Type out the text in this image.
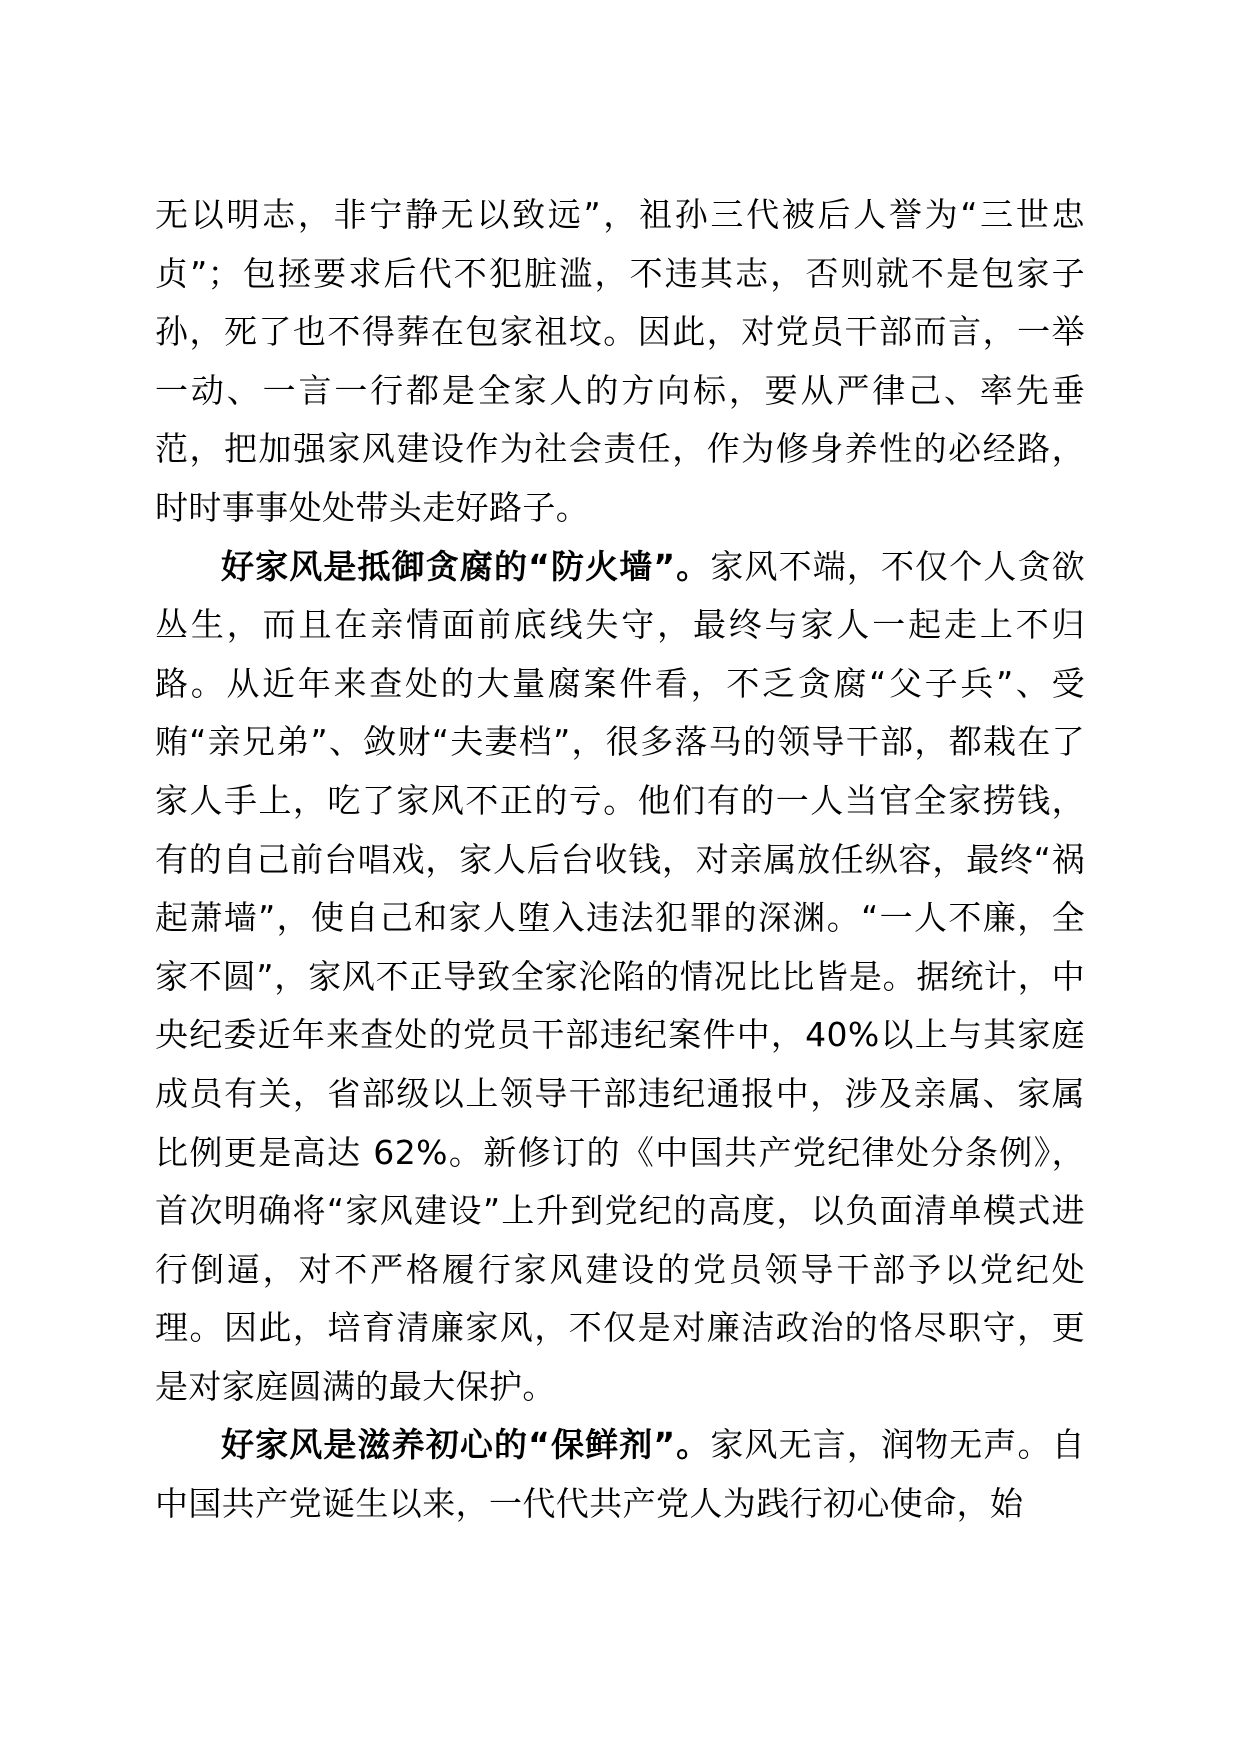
无以明志，非宁静无以致远”，祖孙三代被后人誉为“三世忠贞”；包拯要求后代不犯脏滥，不违其志，否则就不是包家子孙，死了也不得葬在包家祖坟。因此，对党员干部而言，一举一动、一言一行都是全家人的方向标，要从严律己、率先垂范，把加强家风建设作为社会责任，作为修身养性的必经路，时时事事处处带头走好路子。

好家风是抵御贪腐的“防火墙”。家风不端，不仅个人贪欲丛生，而且在亲情面前底线失守，最终与家人一起走上不归路。从近年来查处的大量腐案件看，不乏贪腐“父子兵”、受贿“亲兄弟”、敛财“夫妻档”，很多落马的领导干部，都栽在了家人手上，吃了家风不正的亏。他们有的一人当官全家捞钱，有的自己前台唱戏，家人后台收钱，对亲属放任纵容，最终“祸起萧墙”，使自己和家人堕入违法犯罪的深渊。“一人不廉，全家不圆”，家风不正导致全家沦陷的情况比比皆是。据统计，中央纪委近年来查处的党员干部违纪案件中，40%以上与其家庭成员有关，省部级以上领导干部违纪通报中，涉及亲属、家属比例更是高达 62%。新修订的《中国共产党纪律处分条例》，首次明确将“家风建设”上升到党纪的高度，以负面清单模式进行倒逼，对不严格履行家风建设的党员领导干部予以党纪处理。因此，培育清廉家风，不仅是对廉洁政治的恪尽职守，更是对家庭圆满的最大保护。

好家风是滋养初心的“保鲜剂”。家风无言，润物无声。自中国共产党诞生以来，一代代共产党人为践行初心使命，始
